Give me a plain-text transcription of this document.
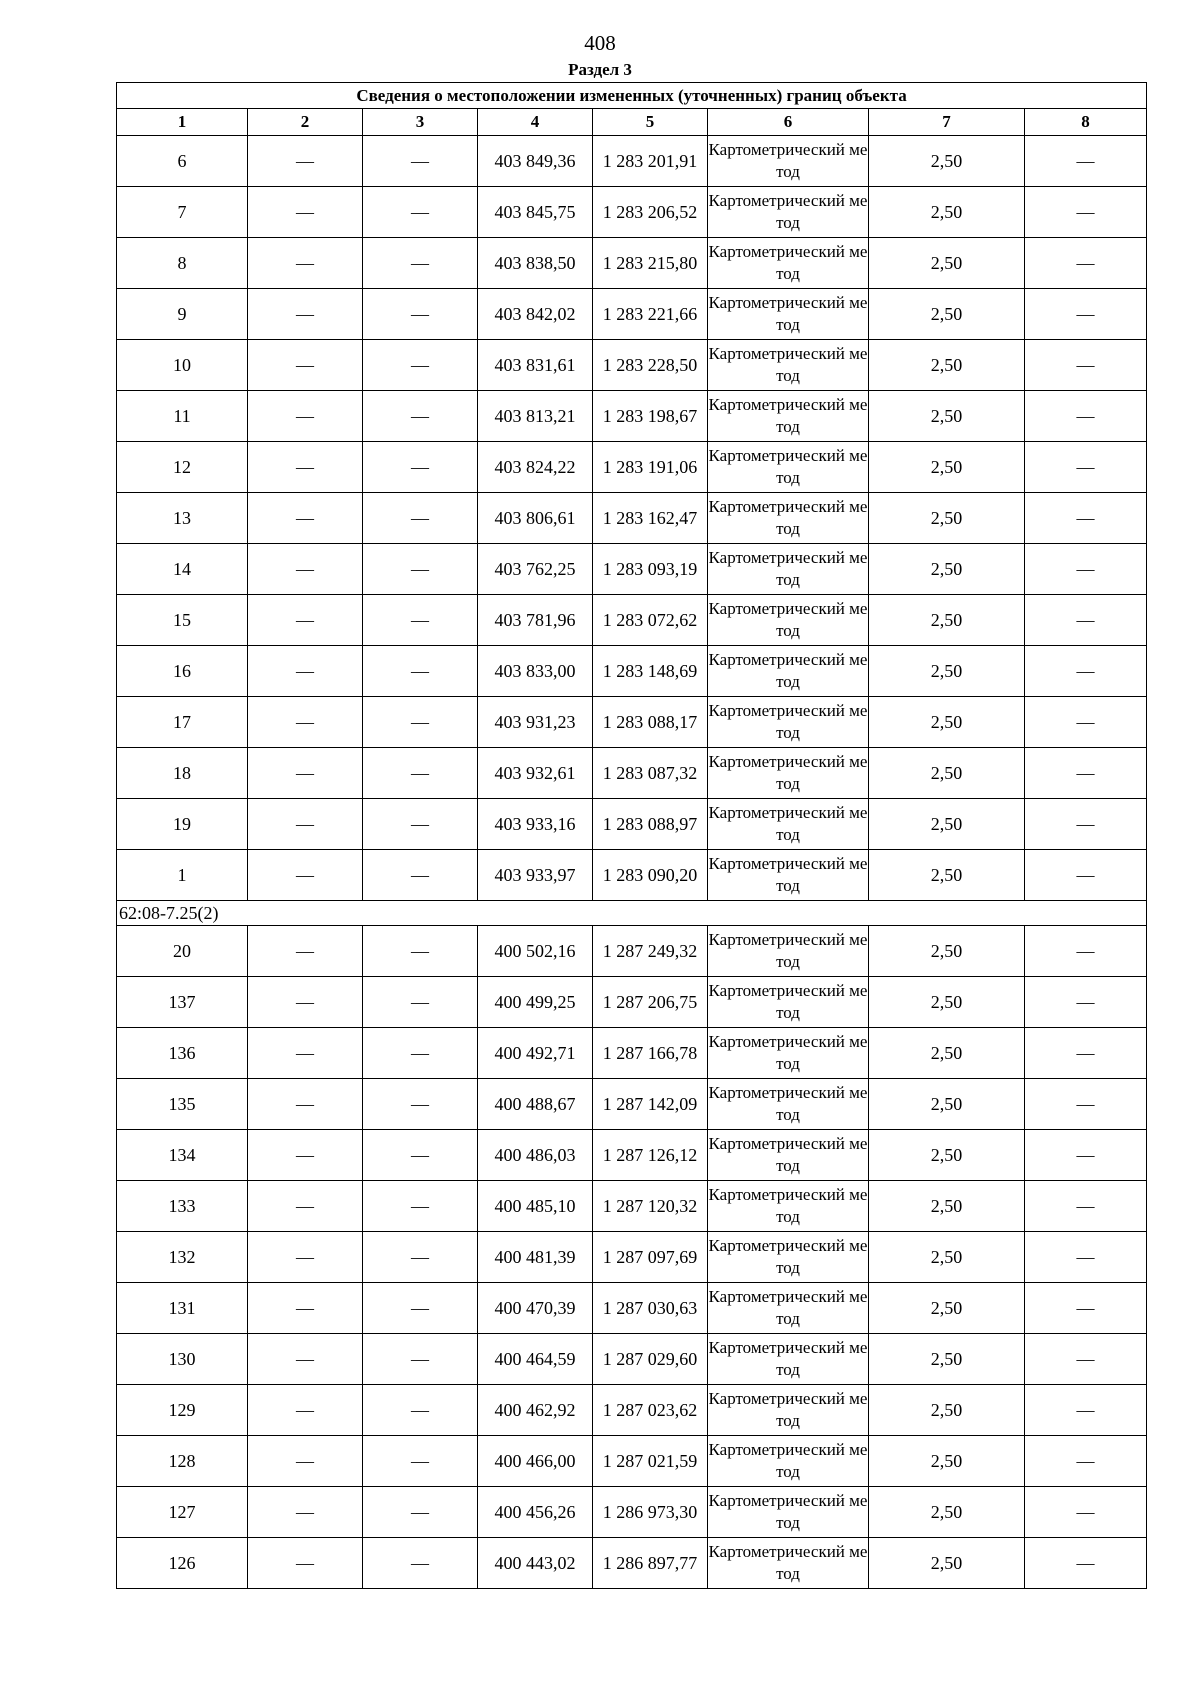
408
Раздел 3
Сведения о местоположении измененных (уточненных) границ объекта							
1	2	3	4	5	6	7	8
6	—	—	403 849,36	1 283 201,91	Картометрический метод	2,50	—
7	—	—	403 845,75	1 283 206,52	Картометрический метод	2,50	—
8	—	—	403 838,50	1 283 215,80	Картометрический метод	2,50	—
9	—	—	403 842,02	1 283 221,66	Картометрический метод	2,50	—
10	—	—	403 831,61	1 283 228,50	Картометрический метод	2,50	—
11	—	—	403 813,21	1 283 198,67	Картометрический метод	2,50	—
12	—	—	403 824,22	1 283 191,06	Картометрический метод	2,50	—
13	—	—	403 806,61	1 283 162,47	Картометрический метод	2,50	—
14	—	—	403 762,25	1 283 093,19	Картометрический метод	2,50	—
15	—	—	403 781,96	1 283 072,62	Картометрический метод	2,50	—
16	—	—	403 833,00	1 283 148,69	Картометрический метод	2,50	—
17	—	—	403 931,23	1 283 088,17	Картометрический метод	2,50	—
18	—	—	403 932,61	1 283 087,32	Картометрический метод	2,50	—
19	—	—	403 933,16	1 283 088,97	Картометрический метод	2,50	—
1	—	—	403 933,97	1 283 090,20	Картометрический метод	2,50	—
62:08-7.25(2)							
20	—	—	400 502,16	1 287 249,32	Картометрический метод	2,50	—
137	—	—	400 499,25	1 287 206,75	Картометрический метод	2,50	—
136	—	—	400 492,71	1 287 166,78	Картометрический метод	2,50	—
135	—	—	400 488,67	1 287 142,09	Картометрический метод	2,50	—
134	—	—	400 486,03	1 287 126,12	Картометрический метод	2,50	—
133	—	—	400 485,10	1 287 120,32	Картометрический метод	2,50	—
132	—	—	400 481,39	1 287 097,69	Картометрический метод	2,50	—
131	—	—	400 470,39	1 287 030,63	Картометрический метод	2,50	—
130	—	—	400 464,59	1 287 029,60	Картометрический метод	2,50	—
129	—	—	400 462,92	1 287 023,62	Картометрический метод	2,50	—
128	—	—	400 466,00	1 287 021,59	Картометрический метод	2,50	—
127	—	—	400 456,26	1 286 973,30	Картометрический метод	2,50	—
126	—	—	400 443,02	1 286 897,77	Картометрический метод	2,50	—
